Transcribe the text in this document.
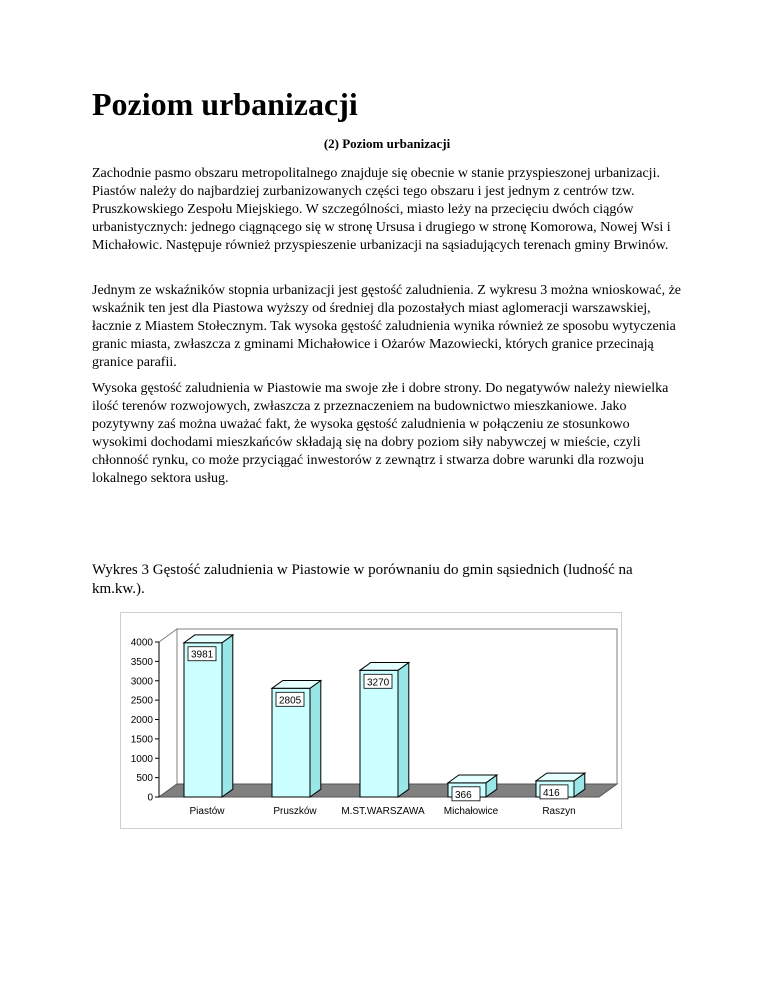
Poziom urbanizacji
(2) Poziom urbanizacji

Zachodnie pasmo obszaru metropolitalnego znajduje się obecnie w stanie przyspieszonej urbanizacji. Piastów należy do najbardziej zurbanizowanych części tego obszaru i jest jednym z centrów tzw. Pruszkowskiego Zespołu Miejskiego. W szczególności, miasto leży na przecięciu dwóch ciągów urbanistycznych: jednego ciągnącego się w stronę Ursusa i drugiego w stronę Komorowa, Nowej Wsi i Michałowic. Następuje również przyspieszenie urbanizacji na sąsiadujących terenach gminy Brwinów.

Jednym ze wskaźników stopnia urbanizacji jest gęstość zaludnienia. Z wykresu 3 można wnioskować, że wskaźnik ten jest dla Piastowa wyższy od średniej dla pozostałych miast aglomeracji warszawskiej, łacznie z Miastem Stołecznym. Tak wysoka gęstość zaludnienia wynika również ze sposobu wytyczenia granic miasta, zwłaszcza z gminami Michałowice i Ożarów Mazowiecki, których granice przecinają granice parafii.

Wysoka gęstość zaludnienia w Piastowie ma swoje złe i dobre strony. Do negatywów należy niewielka ilość terenów rozwojowych, zwłaszcza z przeznaczeniem na budownictwo mieszkaniowe. Jako pozytywny zaś można uważać fakt, że wysoka gęstość zaludnienia w połączeniu ze stosunkowo wysokimi dochodami mieszkańców składają się na dobry poziom siły nabywczej w mieście, czyli chłonność rynku, co może przyciągać inwestorów z zewnątrz i stwarza dobre warunki dla rozwoju lokalnego sektora usług.

Wykres 3 Gęstość zaludnienia w Piastowie w porównaniu do gmin sąsiednich (ludność na km.kw.).

0
500
1000
1500
2000
2500
3000
3500
4000
3981
Piastów
2805
Pruszków
3270
M.ST.WARSZAWA
366
Michałowice
416
Raszyn
